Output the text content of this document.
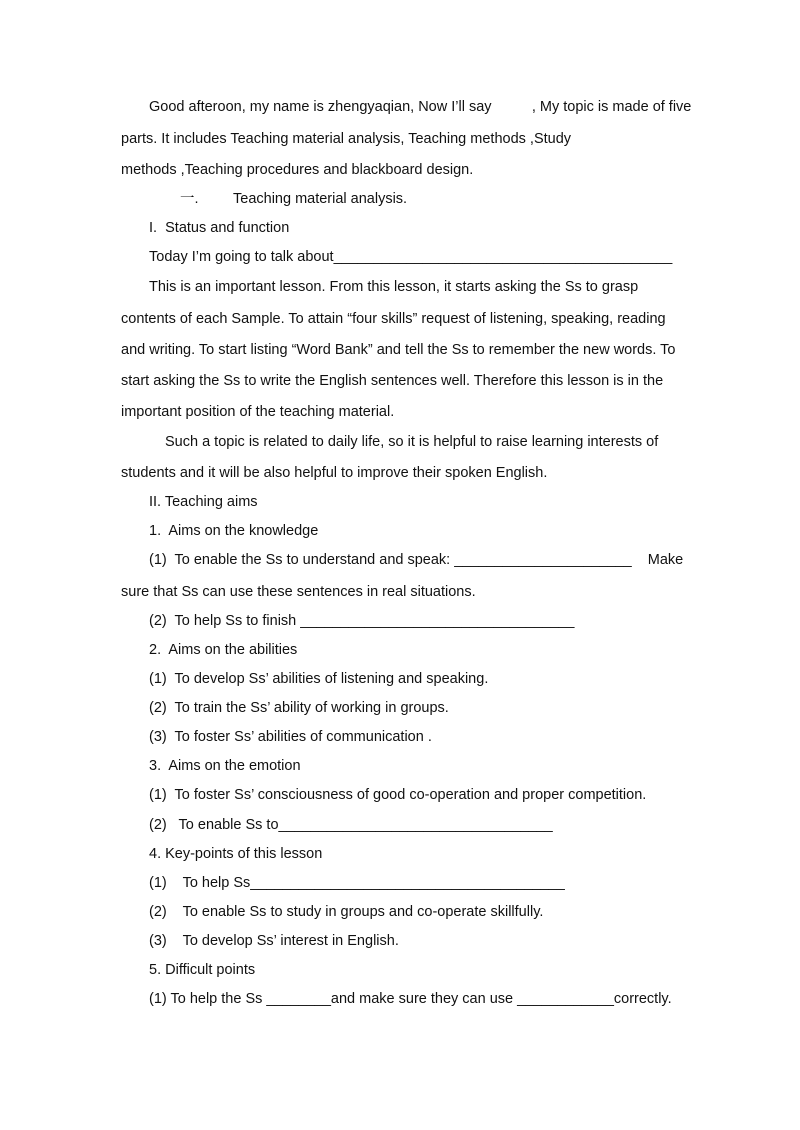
Good afteroon, my name is zhengyaqian, Now I’ll say          , My topic is made of five
parts. It includes Teaching material analysis, Teaching methods ,Study
methods ,Teaching procedures and blackboard design.
一. Teaching material analysis.
I.  Status and function
Today I’m going to talk about__________________________________________
This is an important lesson. From this lesson, it starts asking the Ss to grasp
contents of each Sample. To attain “four skills” request of listening, speaking, reading
and writing. To start listing “Word Bank” and tell the Ss to remember the new words. To
start asking the Ss to write the English sentences well. Therefore this lesson is in the
important position of the teaching material.
Such a topic is related to daily life, so it is helpful to raise learning interests of
students and it will be also helpful to improve their spoken English.
II. Teaching aims
1.  Aims on the knowledge
(1)  To enable the Ss to understand and speak: ______________________    Make
sure that Ss can use these sentences in real situations.
(2)  To help Ss to finish __________________________________
2.  Aims on the abilities
(1)  To develop Ss’ abilities of listening and speaking.
(2)  To train the Ss’ ability of working in groups.
(3)  To foster Ss’ abilities of communication .
3.  Aims on the emotion
(1)  To foster Ss’ consciousness of good co-operation and proper competition.
(2)   To enable Ss to__________________________________
4. Key-points of this lesson
(1)    To help Ss_______________________________________
(2)    To enable Ss to study in groups and co-operate skillfully.
(3)    To develop Ss’ interest in English.
5. Difficult points
(1) To help the Ss ________and make sure they can use ____________correctly.
